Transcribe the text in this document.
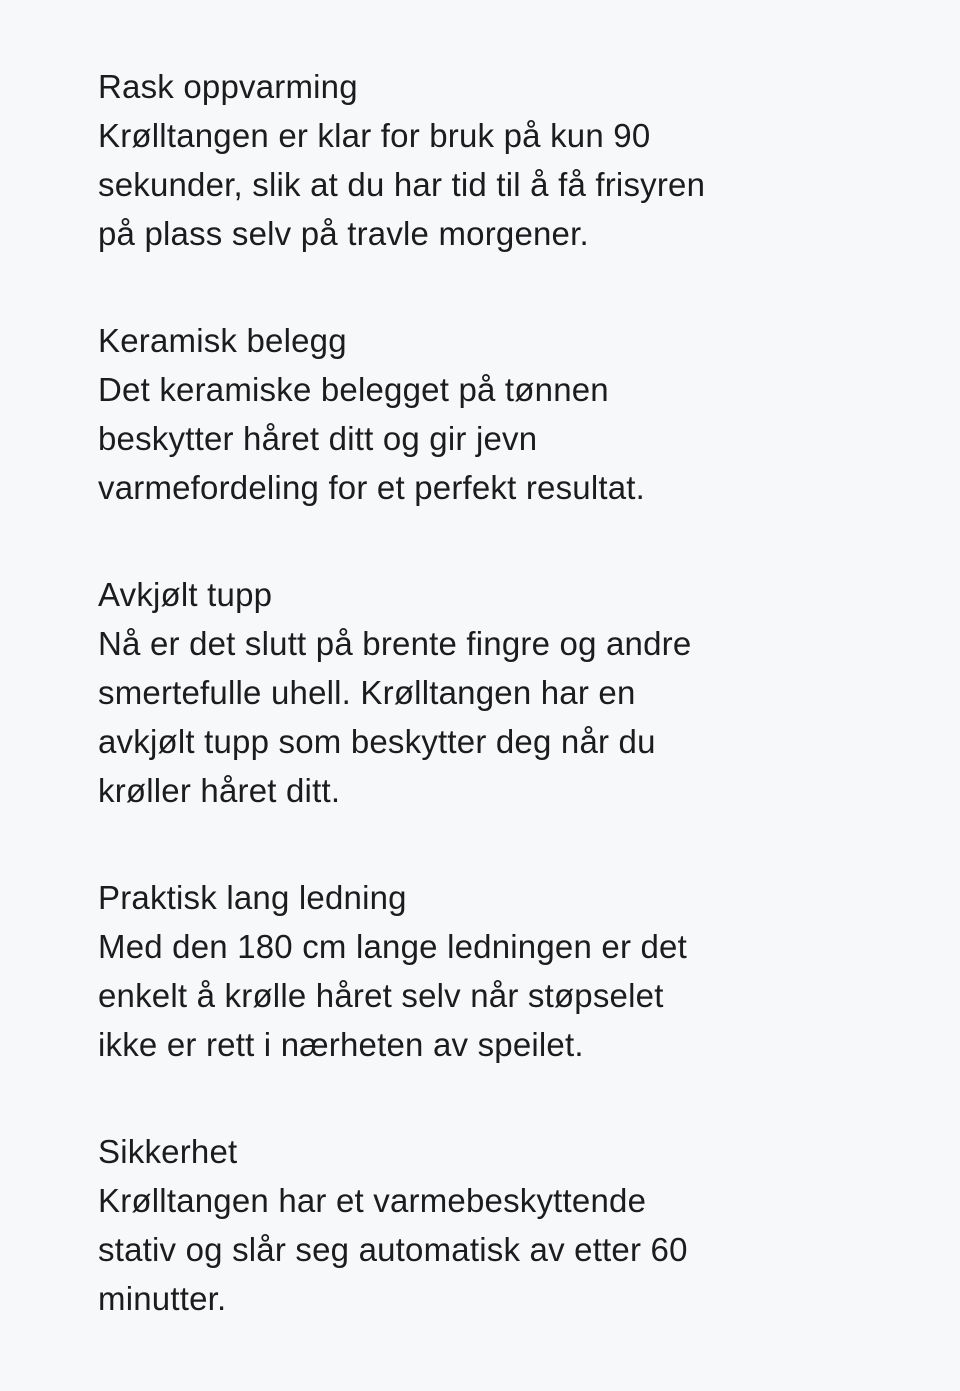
Rask oppvarming
Krølltangen er klar for bruk på kun 90
sekunder, slik at du har tid til å få frisyren
på plass selv på travle morgener.
Keramisk belegg
Det keramiske belegget på tønnen
beskytter håret ditt og gir jevn
varmefordeling for et perfekt resultat.
Avkjølt tupp
Nå er det slutt på brente fingre og andre
smertefulle uhell. Krølltangen har en
avkjølt tupp som beskytter deg når du
krøller håret ditt.
Praktisk lang ledning
Med den 180 cm lange ledningen er det
enkelt å krølle håret selv når støpselet
ikke er rett i nærheten av speilet.
Sikkerhet
Krølltangen har et varmebeskyttende
stativ og slår seg automatisk av etter 60
minutter.
